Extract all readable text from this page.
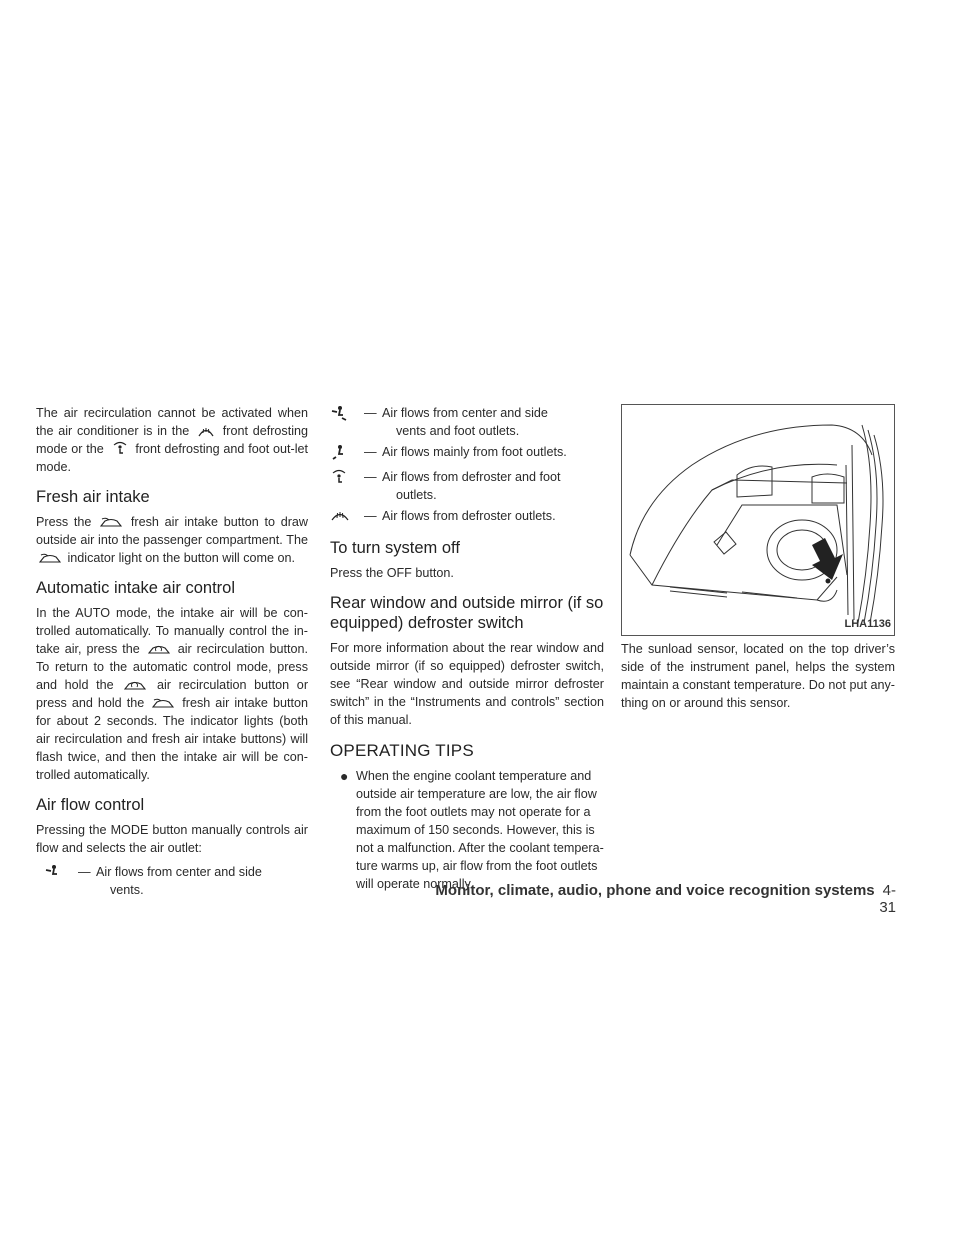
The air recirculation cannot be activated when the air conditioner is in the	front defrosting mode or the	front defrosting and foot out-let mode.

Fresh air intake

Press the	fresh air intake button to draw outside air into the passenger compartment. The
indicator light on the button will come on.

Automatic intake air control

In the AUTO mode, the intake air will be con-trolled automatically. To manually control the in-take air, press the	air recirculation button. To return to the automatic control mode, press and hold the	air recirculation button or press and hold the	fresh air intake button for about 2 seconds. The indicator lights (both air recirculation and fresh air intake buttons) will flash twice, and then the intake air will be con-trolled automatically.

Air flow control

Pressing the MODE button manually controls air flow and selects the air outlet:

— Air flows from center and side
vents.
— Air flows from center and side
vents and foot outlets.
— Air flows mainly from foot outlets.
— Air flows from defroster and foot
outlets.
— Air flows from defroster outlets.
To turn system off

Press the OFF button.

Rear window and outside mirror (if so equipped) defroster switch

For more information about the rear window and outside mirror (if so equipped) defroster switch, see “Rear window and outside mirror defroster switch” in the “Instruments and controls” section of this manual.

OPERATING TIPS
● When the engine coolant temperature and outside air temperature are low, the air flow from the foot outlets may not operate for a maximum of 150 seconds. However, this is not a malfunction. After the coolant tempera-ture warms up, air flow from the foot outlets will operate normally.
LHA1136

The sunload sensor, located on the top driver’s side of the instrument panel, helps the system maintain a constant temperature. Do not put any-thing on or around this sensor.

Monitor, climate, audio, phone and voice recognition systems 4-31
